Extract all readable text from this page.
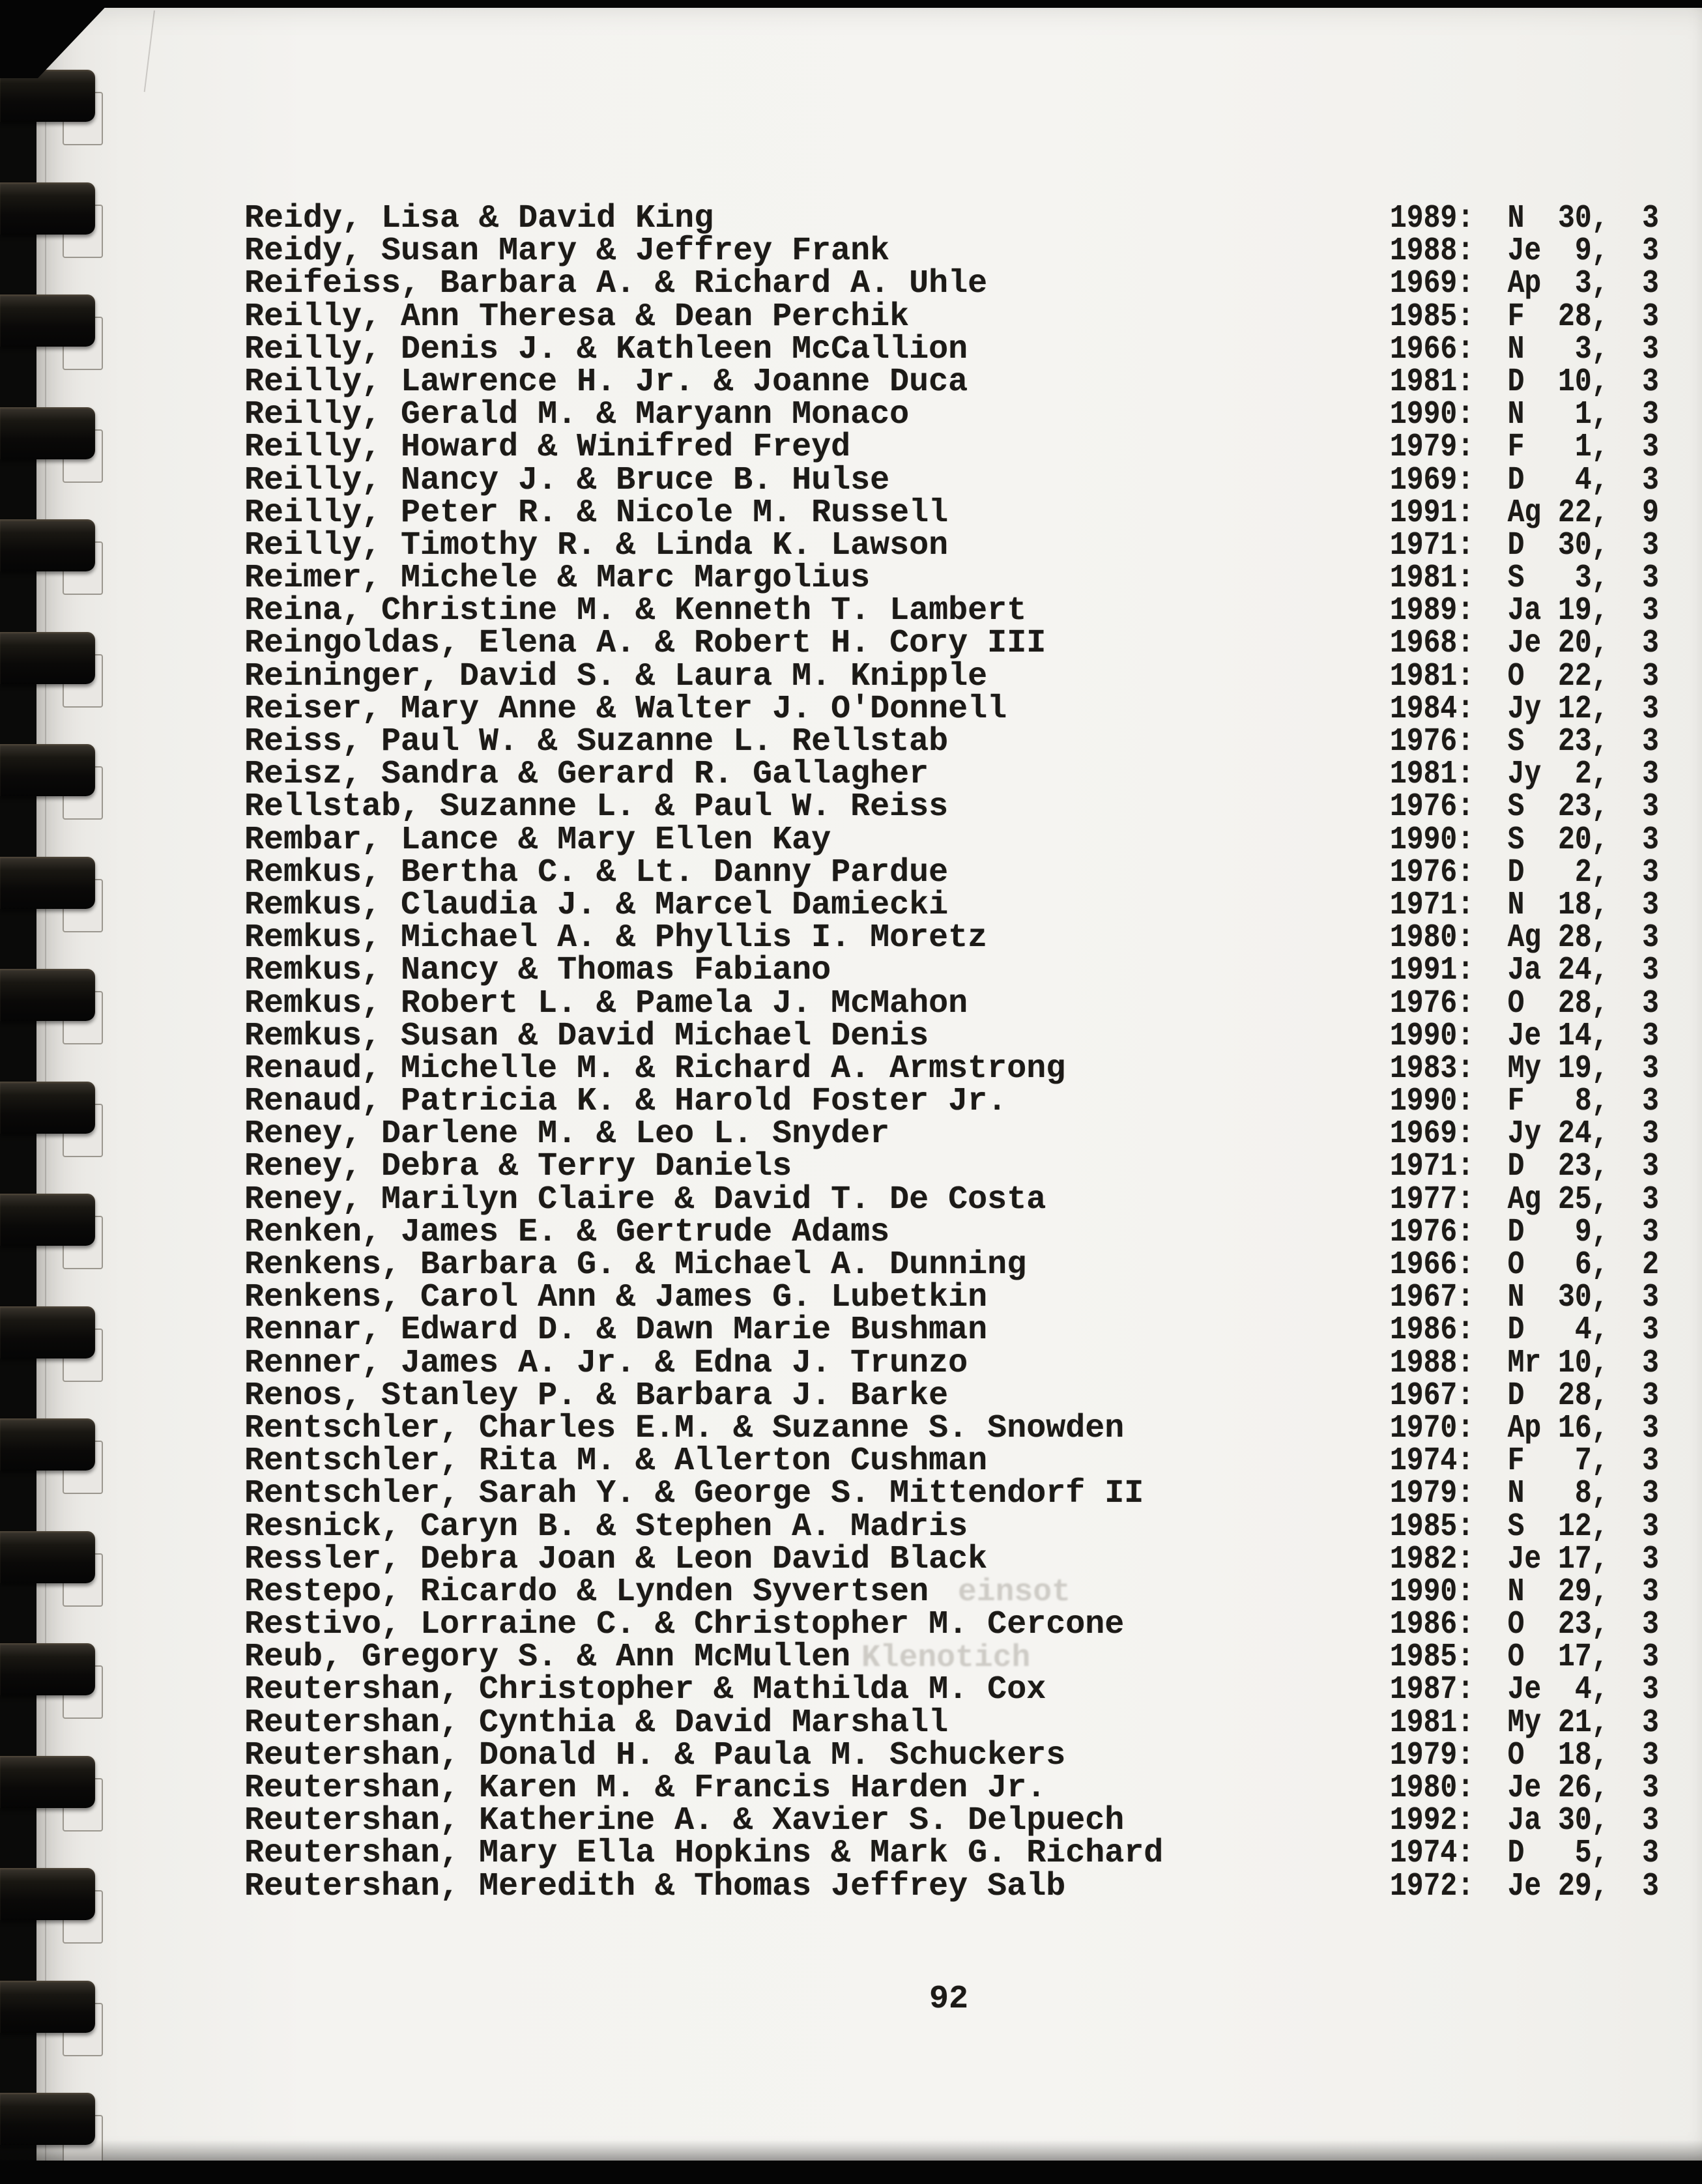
einsot
Klenotich
Reidy, Lisa & David King	1989:  N  30,  3
Reidy, Susan Mary & Jeffrey Frank	1988:  Je  9,  3
Reifeiss, Barbara A. & Richard A. Uhle	1969:  Ap  3,  3
Reilly, Ann Theresa & Dean Perchik	1985:  F  28,  3
Reilly, Denis J. & Kathleen McCallion	1966:  N   3,  3
Reilly, Lawrence H. Jr. & Joanne Duca	1981:  D  10,  3
Reilly, Gerald M. & Maryann Monaco	1990:  N   1,  3
Reilly, Howard & Winifred Freyd	1979:  F   1,  3
Reilly, Nancy J. & Bruce B. Hulse	1969:  D   4,  3
Reilly, Peter R. & Nicole M. Russell	1991:  Ag 22,  9
Reilly, Timothy R. & Linda K. Lawson	1971:  D  30,  3
Reimer, Michele & Marc Margolius	1981:  S   3,  3
Reina, Christine M. & Kenneth T. Lambert	1989:  Ja 19,  3
Reingoldas, Elena A. & Robert H. Cory III	1968:  Je 20,  3
Reininger, David S. & Laura M. Knipple	1981:  O  22,  3
Reiser, Mary Anne & Walter J. O'Donnell	1984:  Jy 12,  3
Reiss, Paul W. & Suzanne L. Rellstab	1976:  S  23,  3
Reisz, Sandra & Gerard R. Gallagher	1981:  Jy  2,  3
Rellstab, Suzanne L. & Paul W. Reiss	1976:  S  23,  3
Rembar, Lance & Mary Ellen Kay	1990:  S  20,  3
Remkus, Bertha C. & Lt. Danny Pardue	1976:  D   2,  3
Remkus, Claudia J. & Marcel Damiecki	1971:  N  18,  3
Remkus, Michael A. & Phyllis I. Moretz	1980:  Ag 28,  3
Remkus, Nancy & Thomas Fabiano	1991:  Ja 24,  3
Remkus, Robert L. & Pamela J. McMahon	1976:  O  28,  3
Remkus, Susan & David Michael Denis	1990:  Je 14,  3
Renaud, Michelle M. & Richard A. Armstrong	1983:  My 19,  3
Renaud, Patricia K. & Harold Foster Jr.	1990:  F   8,  3
Reney, Darlene M. & Leo L. Snyder	1969:  Jy 24,  3
Reney, Debra & Terry Daniels	1971:  D  23,  3
Reney, Marilyn Claire & David T. De Costa	1977:  Ag 25,  3
Renken, James E. & Gertrude Adams	1976:  D   9,  3
Renkens, Barbara G. & Michael A. Dunning	1966:  O   6,  2
Renkens, Carol Ann & James G. Lubetkin	1967:  N  30,  3
Rennar, Edward D. & Dawn Marie Bushman	1986:  D   4,  3
Renner, James A. Jr. & Edna J. Trunzo	1988:  Mr 10,  3
Renos, Stanley P. & Barbara J. Barke	1967:  D  28,  3
Rentschler, Charles E.M. & Suzanne S. Snowden	1970:  Ap 16,  3
Rentschler, Rita M. & Allerton Cushman	1974:  F   7,  3
Rentschler, Sarah Y. & George S. Mittendorf II	1979:  N   8,  3
Resnick, Caryn B. & Stephen A. Madris	1985:  S  12,  3
Ressler, Debra Joan & Leon David Black	1982:  Je 17,  3
Restepo, Ricardo & Lynden Syvertsen	1990:  N  29,  3
Restivo, Lorraine C. & Christopher M. Cercone	1986:  O  23,  3
Reub, Gregory S. & Ann McMullen	1985:  O  17,  3
Reutershan, Christopher & Mathilda M. Cox	1987:  Je  4,  3
Reutershan, Cynthia & David Marshall	1981:  My 21,  3
Reutershan, Donald H. & Paula M. Schuckers	1979:  O  18,  3
Reutershan, Karen M. & Francis Harden Jr.	1980:  Je 26,  3
Reutershan, Katherine A. & Xavier S. Delpuech	1992:  Ja 30,  3
Reutershan, Mary Ella Hopkins & Mark G. Richard	1974:  D   5,  3
Reutershan, Meredith & Thomas Jeffrey Salb	1972:  Je 29,  3
92
